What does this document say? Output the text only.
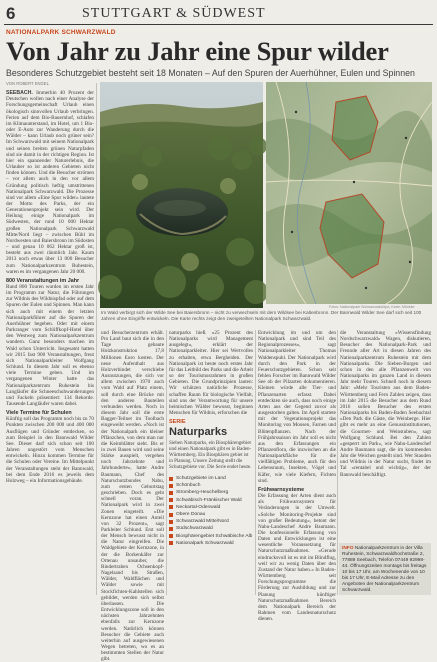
6	STUTTGART & SÜDWEST
NATIONALPARK SCHWARZWALD
Von Jahr zu Jahr eine Spur wilder
Besonderes Schutzgebiet besteht seit 18 Monaten – Auf den Spuren der Auerhühner, Eulen und Spinnen
VON ROBERT ENGEL

SEEBACH. Immerhin 40 Prozent der Deutschen wollen nach einer Analyse der Forschungsgemeinschaft Urlaub einen ökologisch sinnvollen Urlaub verbringen. Ferien auf dem Bio-Bauernhof, schlafen im Klimaunterstand, im Hotel, um 1 Bio-oder E-Auto zur Wanderung durch die Wälder – kann Urlaub noch grüner sein? Im Schwarzwald mit seinem Nationalpark und seinen breiten grünen Naturpfaden sind sie damit in der richtigen Region. Ist hier ein spannender Naturerlebnis, die Urlauber so ist anderen Gebieten nicht finden können. Und die Besucher strömen – vor allem auch in den vor allem Gründung politisch heftig umstrittenen Nationalpark Schwarzwald. Die Prozesse sind vor allem »Eine Spur wilder« lautete der Motto des Parks, der ein Generationenprojekt sein wird. Der Heilung einige Nationalpark im Südwesten, der rund 10 000 Hektar großen Nationalpark Schwarzwald Mitte/Nord liegt – zwischen Bühl im Nordwesten und Baiersbronn im Südosten – und genau 10 062 Hektar groß ist, besteht aus zwei räumlich Jahr. Kaum 2013 noch etwas über 13 000 Besucher zum Nationalparkzentrum Ruhestein, waren es im vergangenen Jahr 20 000.

800 Veranstaltungen im Jahr

Rund 800 Touren wurden im ersten Jahr im Programm zur Natur, die Führungen zur Wildnis des Wildnispfad oder auf dem Spuren der Eulen und Spinnen. Man kann sich auch mit einem der letzten Nationalparkführer auf die Spuren der Auerhühner begeben. Oder mit einem Parkranger vom Schliffkopf-Hotel über den Westweg zum Nationalparkzentrum wandern. Ganz besonders machen im Wald schon Unterricht. Insgesamt hatten wir 2015 fast 900 Veranstaltungen, freut sich Nationalparkleiter Wolfgang Schlund. In diesem Jahr soll es ebenso viele Termine geben. Und im vergangenen Winter hatte das Nationalparkzentrum Ruhestein bis Langläufer die Schneeschuhwanderungen und Fackeln präsentiert: 134 Rekorde. Tausende Langläufer waren dabei.

Viele Termine für Schulen

Künftig soll das Programm noch bis zu 70 Punkten zwischen 200 000 und 400 000 Ausflügen und Gründer entdecken, so zum Beispiel in den Bannwald Wilder See. Dieser darf sich schon seit 100 Jahren ungestört vom Menschen entwickeln. Hinzu kommen Termine für die Schulen oder Vereine. Im Mittelpunkt der Veranstaltungen steht der Bannwald, bei dem Ende 2016 es jeweils dem Holzweg – ein Informationsgebäude.

Fotos: Nationalpark Schwarzwald/dpa, Karte: Münkler
Im Wald verbirgt sich der Wilde See bei Baiersbronn – nicht zu verwechseln mit dem Wildsee bei Kaltenbronn. Der Bannwald Wilder See darf sich seit 100 Jahren ohne Eingriffe entwickeln. Die Karte rechts zeigt den zweigeteilten Nationalpark Schwarzwald.

und Besucherzentrum erhält. Pro Land baut sich die in den Tage gebaute Holzkonstruktion 17,8 Millionen Euro kosten. Der neue Aufenthalt aus Holzverbindet verschiebe Ausnutzungen, die sich vor allem zwischen 1970 auch vom Wald auf Platz einem, soll durch eine Brücke mit den anderen Bauteilen verbunden werden. Noch in diesem Jahr soll die erste Bagger-Teilnet im Toolbach eingeweiht werden. »Noch ist der Nationalpark ein kleiner Pflänzchen, von dem man nur die Keimblätter sieht. Bis er in zwei Bauen wird und seine Stärke ausspielt, vergehen noch Jahrzehnte und Jahrhunderte«, hatte Andre Baumann, Chef des Naturschutzbundes Nabu, zum ersten Geburtstag geschrieben. Doch es geht schnell voran. Der Nationalpark wird in zwei Zonen eingeteilt. »Die Kernzone hat einen Anteil von 32 Prozent«, sagt Parkleiter Schlund. Erst soll der Mensch bewusst nicht in die Natur eingreifen. Die Waldgebiete der Kernzone, in der die Borkenkäfer zur Ortenau unsauber, die Rindertraben Ochsenkopf-Nagelsand bis Straßen, Wälder, Waldflächen und Wälder sowie mit Stockfichten-Kahlstellen sich gebildet, werden sich selbst überlassen. Die Entwicklungszone soll in den nächsten Jahrzehnten ebenfalls zur Kernzone werden. Natürlich können Besucher die Gebiete auch weiterhin auf ausgewiesenen Wegen betreten, wo es an bestimmten Stellen der Natur gibt.

naturparks hieß. »25 Prozent des Nationalparks wird Management ausgelegt«, erklärt der Nationalparkleiter. Hier sei Wertvolles zu erhalten, etwa Bergheiden. Der Nationalpark ist heute noch erstes Jahr für das Leitbild des Parks und die Arbeit so der Tourismusrahmen in großen Gebieten. Die Grundprinzipien lauten: Wir schützen natürliche Prozesse, schaffen Raum für biologische Vielfalt, sind uns der Verantwortung für unsere heimischen Wälder bewusst, beginnen Menschen für Wildnis, erforschen die

SERIE
Naturparks
Sieben Naturparks, ein Biosphärengebiet und einen Nationalpark gibt es in Baden-Württemberg. Ein Biosphären gebiet ist in Planung. Unsere Zeitung stellt die Schutzgebiete vor. Die Serie endet heute.
Schutzgebiete im Land
Schönbuch
Stromberg-Heuchelberg
Schwäbisch-Fränkischer Wald
Neckartal-Odenwald
Obere Donau
Schwarzwald Mitte/Nord
Südschwarzwald
Biosphärengebiet Schwäbische Alb
Nationalpark Schwarzwald

Entwicklung im und um den Nationalpark und sind Teil des Regionalprozesses«, sagt Nationalparkleiter Thomas Waldenspuhl. Der Nationalpark wird durch den Park in der Feuerschutzgebieten. Schon seit fehlen Forscher im Bannwald Wilder See ob der Pilzarten dokumentieren. Kleinen würde alle Tier- und Pflanzenarten erfasst. Dabei entdeckten sie auch, dass noch einige Arten aus der Gegend zuvor als ausgestorben galten. Im April startete mit der Vegetationsprojekt das Monitoring von Moosen, Farnen und Blütenpflanzen. Nach der Frühjahrssaison im Jahr soll es nicht aus den Erfassungen ein Pflanzenflora, die inzwischen an die Nationalparkfläche für die vielfältigen Probleme, auch für den Lebensraum, Insekten, Vögel und Käfer, wie viele Kiefern, Fichten sind.

Frühwarnsysteme

Die Erfassung der Arten dient auch als Frühwarnsystem für Veränderungen in der Umwelt. »Solche Monitoring-Projekte sind von großer Bedeutung«, betont der Nabu-Landeschef Andre Baumann. Die konfessionelle Erfassung von Daten und Entwicklungen ist eine wesentliche Voraussetzung für Naturschutzmaßnahmen. »Gerade eindrucksvoll ist es mit im Blindflug, weil wir zu wenig Daten über den Zustand der Natur haben.« In Baden-Württemberg seit Forschungsprogramme die Förderung zur Ausbildung und zur Planung künftiger Naturschutzmaßnahmen Bereich dem Nationalpark Bereich der Rahmen vom Landesnaturschutz dienen.

die Veranstaltung »Wissensfindung Nordschwarzwald« Wagen, diskutieren, Besucher des Nationalpark-Park und Freunde aller Art in diesen Jahren des Nationalparkzentrum Ruhestein mit dem Nationalparks. Die Sieben-Burgen und schon in den alle Pflanzenwelt von Nationalparks im ganzen Land in diesem Jahr mehr Touren. Schnell noch in diesem Jahr: »Mehr Touristen aus dem Baden-Württemberg und Fern Zahlen zeigen, dass im Jahr 2015 die Besucher aus dem Rund 2016 sollen Besucher des ersten Nationalparks bis Baden-Baden Seebachtal »Den Park die Gäste, die Weinberge. Hier gibt es mehr an eine Genussinstitutionen, die Gourmet- und Weinstuben«, sagt Wolfgang Schlund. Bei den Zahlen »gesperrt im Park«, wie Nabu-Landeschef Andre Baumann sagt, die im kommenden Jahr die Weichen gestellt sind. Wer Stauden und Wildnis in der Natur sucht, findet im Tal »rentabel und wichtig«, der der Bannwald beschäftigt.

INFO Nationalparkzentrum in der Villa Ruhestein, Schwarzwaldhochstraße 2, 77889 Seebach, Telefon 07449 92998-44. Öffnungszeiten montags bis freitags 10 bis 17 Uhr, am Wochenende von 10 bis 17 Uhr, E-Mail Adresse zu den Angeboten der Nationalparkzentrum Schwarzwald.
